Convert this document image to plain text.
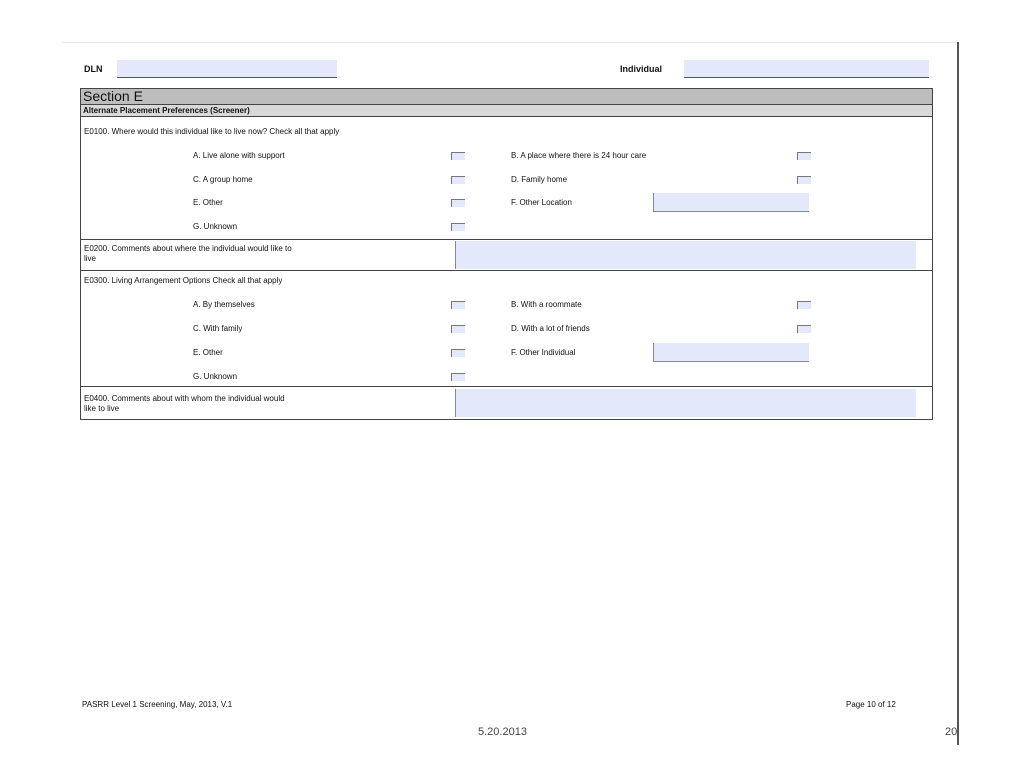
DLN	Individual
Section E
Alternate Placement Preferences (Screener)
E0100. Where would this individual like to live now? Check all that apply
A. Live alone with support	B. A place where there is 24 hour care
C. A group home	D. Family home
E. Other	F. Other Location
G. Unknown
E0200. Comments about where the individual would like to
live
E0300. Living Arrangement Options Check all that apply
A. By themselves	B. With a roommate
C. With family	D. With a lot of friends
E. Other	F. Other Individual
G. Unknown
E0400. Comments about with whom the individual would
like to live
PASRR Level 1 Screening, May, 2013, V.1	Page 10 of 12
5.20.2013	20
